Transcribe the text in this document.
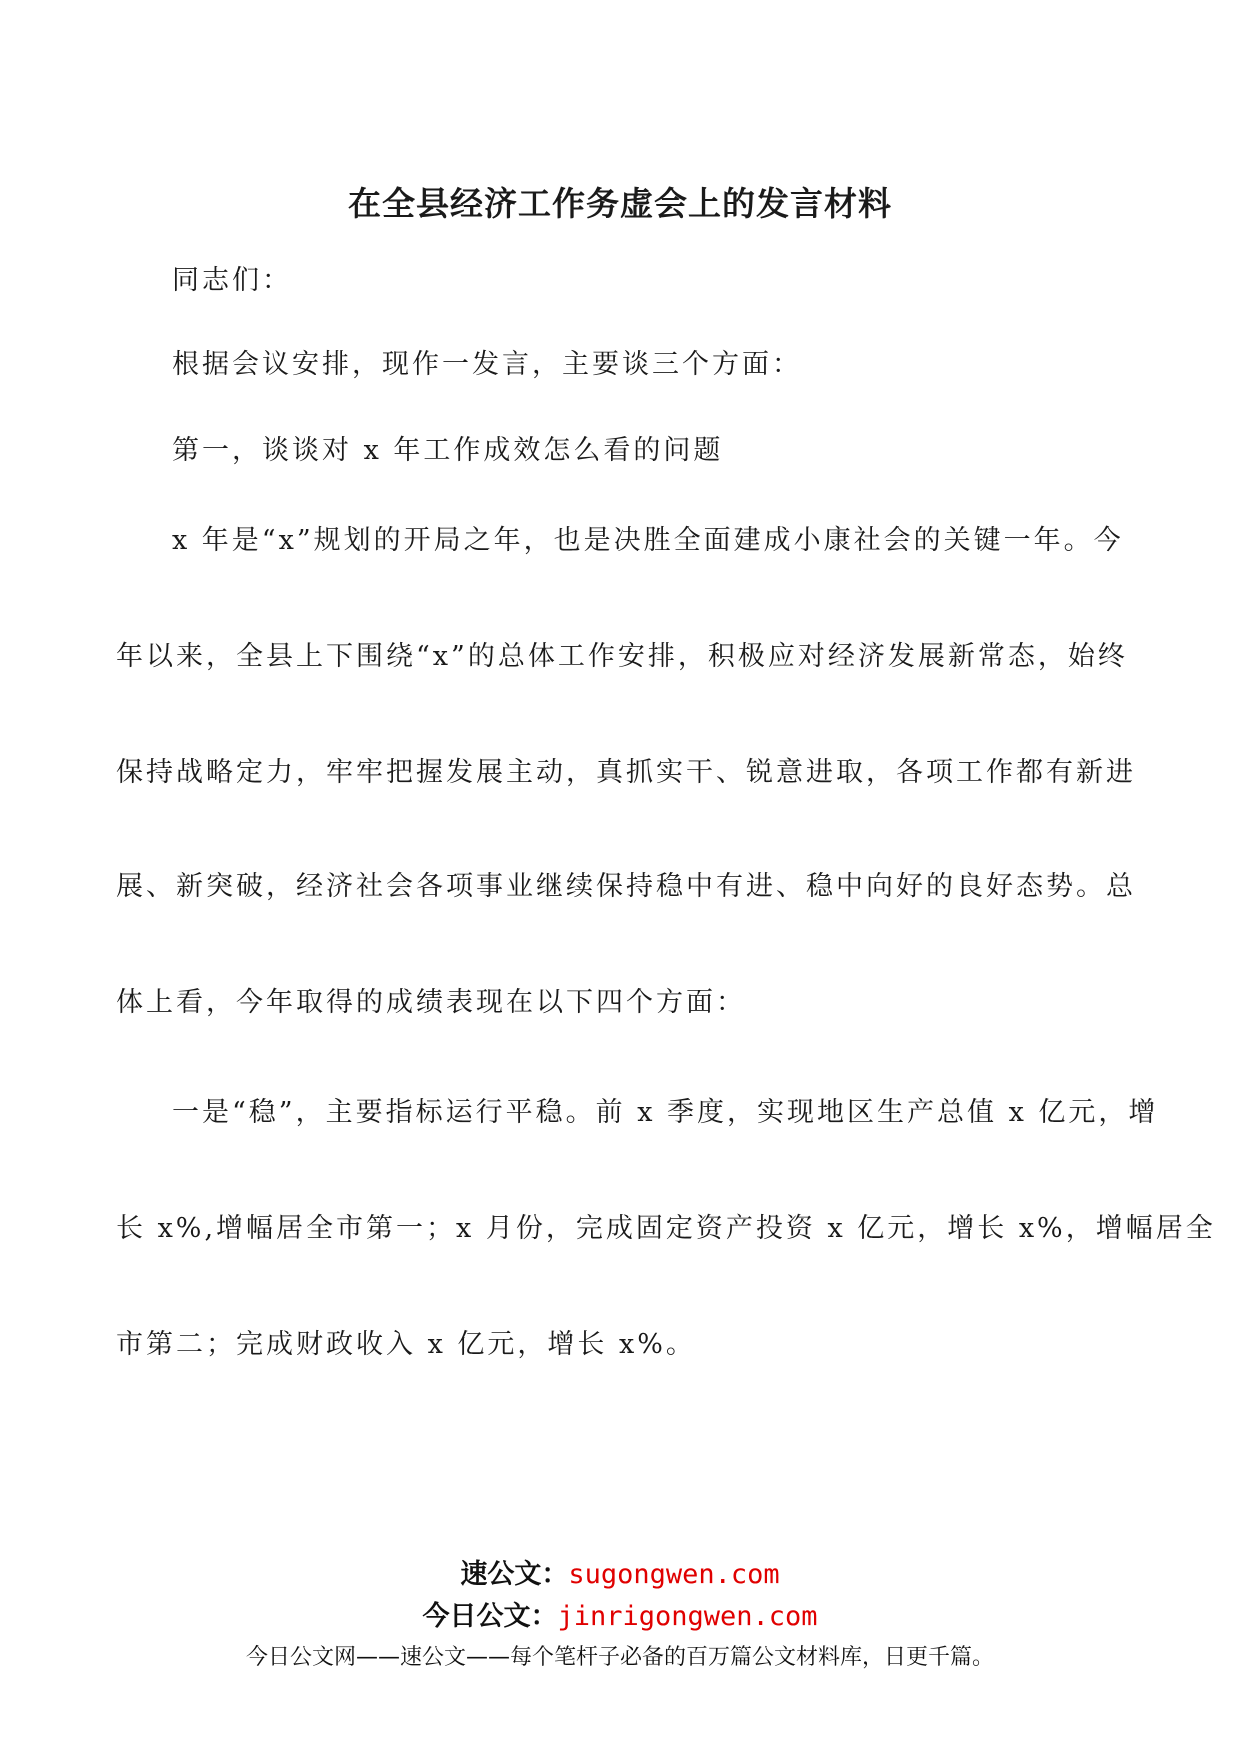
在全县经济工作务虚会上的发言材料
同志们：
根据会议安排，现作一发言，主要谈三个方面：
第一，谈谈对 x 年工作成效怎么看的问题
x 年是“x”规划的开局之年，也是决胜全面建成小康社会的关键一年。今
年以来，全县上下围绕“x”的总体工作安排，积极应对经济发展新常态，始终
保持战略定力，牢牢把握发展主动，真抓实干、锐意进取，各项工作都有新进
展、新突破，经济社会各项事业继续保持稳中有进、稳中向好的良好态势。总
体上看，今年取得的成绩表现在以下四个方面：
一是“稳”，主要指标运行平稳。前 x 季度，实现地区生产总值 x 亿元，增
长 x%,增幅居全市第一；x 月份，完成固定资产投资 x 亿元，增长 x%，增幅居全
市第二；完成财政收入 x 亿元，增长 x%。
速公文：sugongwen.com
今日公文：jinrigongwen.com
今日公文网——速公文——每个笔杆子必备的百万篇公文材料库，日更千篇。
